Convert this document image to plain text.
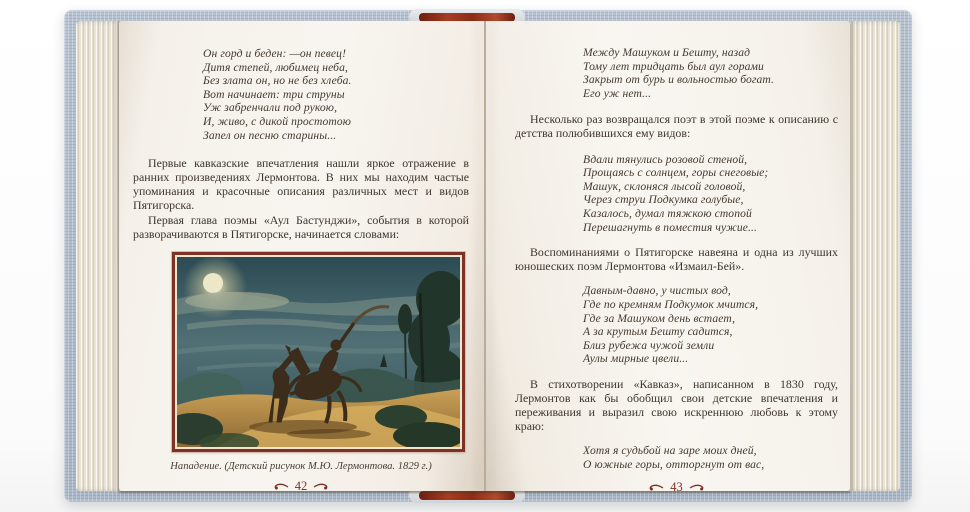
Он горд и беден: —он певец!
Дитя степей, любимец неба,
Без злата он, но не без хлеба.
Вот начинает: три струны
Уж забренчали под рукою,
И, живо, с дикой простотою
Запел он песню старины...

Первые кавказские впечатления нашли яркое отражение в ранних произведениях Лермонтова. В них мы находим частые упоминания и красочные описания различных мест и видов Пятигорска.

Первая глава поэмы «Аул Бастунджи», события в которой разворачиваются в Пятигорске, начинается словами:

Нападение. (Детский рисунок М.Ю. Лермонтова. 1829 г.)
42
Между Машуком и Бешту, назад
Тому лет тридцать был аул горами
Закрыт от бурь и вольностью богат.
Его уж нет...

Несколько раз возвращался поэт в этой поэме к описанию с детства полюбившихся ему видов:

Вдали тянулись розовой стеной,
Прощаясь с солнцем, горы снеговые;
Машук, склоняся лысой головой,
Через струи Подкумка голубые,
Казалось, думал тяжкою стопой
Перешагнуть в поместия чужие...

Воспоминаниями о Пятигорске навеяна и одна из лучших юношеских поэм Лермонтова «Измаил-Бей».

Давным-давно, у чистых вод,
Где по кремням Подкумок мчится,
Где за Машуком день встает,
А за крутым Бешту садится,
Близ рубежа чужой земли
Аулы мирные цвели...

В стихотворении «Кавказ», написанном в 1830 году, Лермонтов как бы обобщил свои детские впечатления и переживания и выразил свою искреннюю любовь к этому краю:

Хотя я судьбой на заре моих дней,
О южные горы, отторгнут от вас,
43
